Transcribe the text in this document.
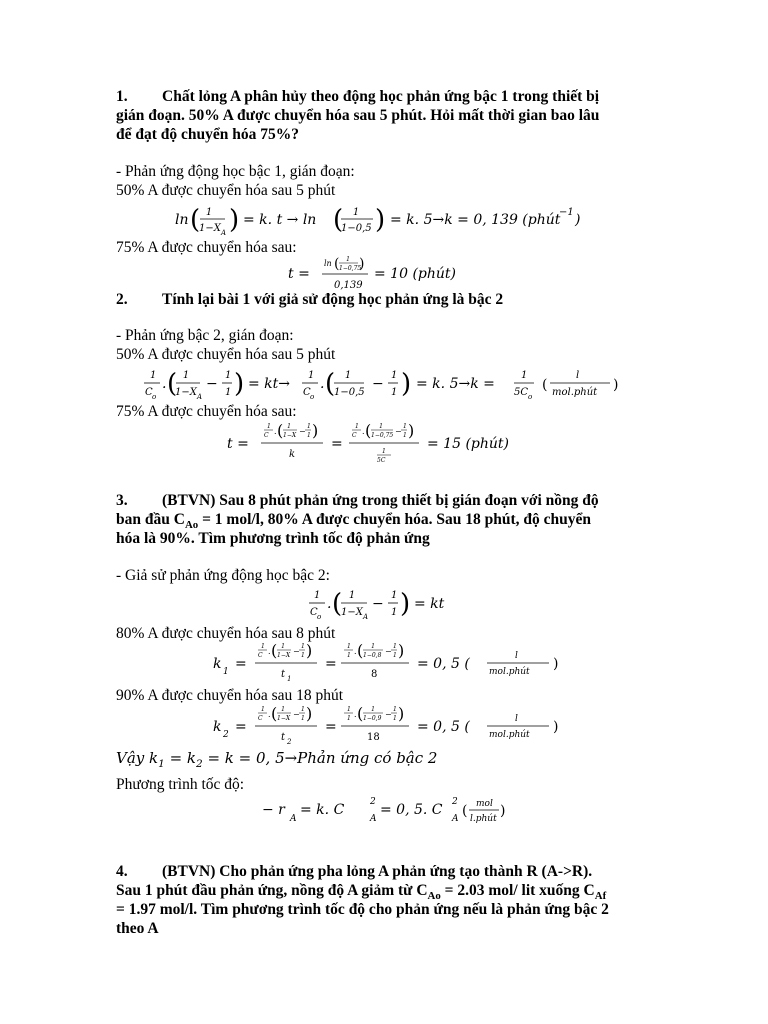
1. Chất lỏng A phân hủy theo động học phản ứng bậc 1 trong thiết bị
gián đoạn. 50% A được chuyển hóa sau 5 phút. Hỏi mất thời gian bao lâu
để đạt độ chuyển hóa 75%?
- Phản ứng động học bậc 1, gián đoạn:
50% A được chuyển hóa sau 5 phút
ln ( 1
1−X A ) = k. t → ln ( 1
1−0,5 ) = k. 5→k = 0, 139 (phút
−1 )
75% A được chuyển hóa sau:
t =
ln ( 1
1−0,75
)
0,139
= 10 (phút)
2. Tính lại bài 1 với giả sử động học phản ứng là bậc 2
- Phản ứng bậc 2, gián đoạn:
50% A được chuyển hóa sau 5 phút
1
C o
. ( 1
1−X A
−
1
1 ) = kt→
1
C o
. ( 1
1−0,5
−
1
1 ) = k. 5→k =
1
5C o
(
l
mol.phút )
75% A được chuyển hóa sau:
t =
1
C . ( 1
1−X −
1
1 )
k
=
1
C . ( 1
1−0,75 −
1
1 )
1
5C
= 15 (phút)
3. (BTVN) Sau 8 phút phản ứng trong thiết bị gián đoạn với nồng độ
ban đầu $C_{Ao} = 1$ mol/l, 80% A được chuyển hóa. Sau 18 phút, độ chuyển
hóa là 90%. Tìm phương trình tốc độ phản ứng
- Giả sử phản ứng động học bậc 2:
1
C o
. ( 1
1−X A
−
1
1 ) = kt
80% A được chuyển hóa sau 8 phút
k 1 =
1
C . ( 1
1−X −
1
1 )
t 1
=
1
1 . ( 1
1−0,8 −
1
1 )
8
= 0, 5 (	l
mol.phút )
90% A được chuyển hóa sau 18 phút
k 2 =
1
C . ( 1
1−X −
1
1 )
t 2
=
1
1 . ( 1
1−0,9 −
1
1 )
18
= 0, 5 (	l
mol.phút )
Vậy $k_1 = k_2 = k = 0$, 5→Phản ứng có bậc 2
Phương trình tốc độ:
− r
A
= k. C
A
2 = 0, 5. C
A
2
( mol
l.phút )
4. (BTVN) Cho phản ứng pha lỏng A phản ứng tạo thành R (A->R).
Sau 1 phút đầu phản ứng, nồng độ A giảm từ $C_{Ao} = 2.03$ mol/ lit xuống $C_{Af}$
= 1.97 mol/l. Tìm phương trình tốc độ cho phản ứng nếu là phản ứng bậc 2
theo A
